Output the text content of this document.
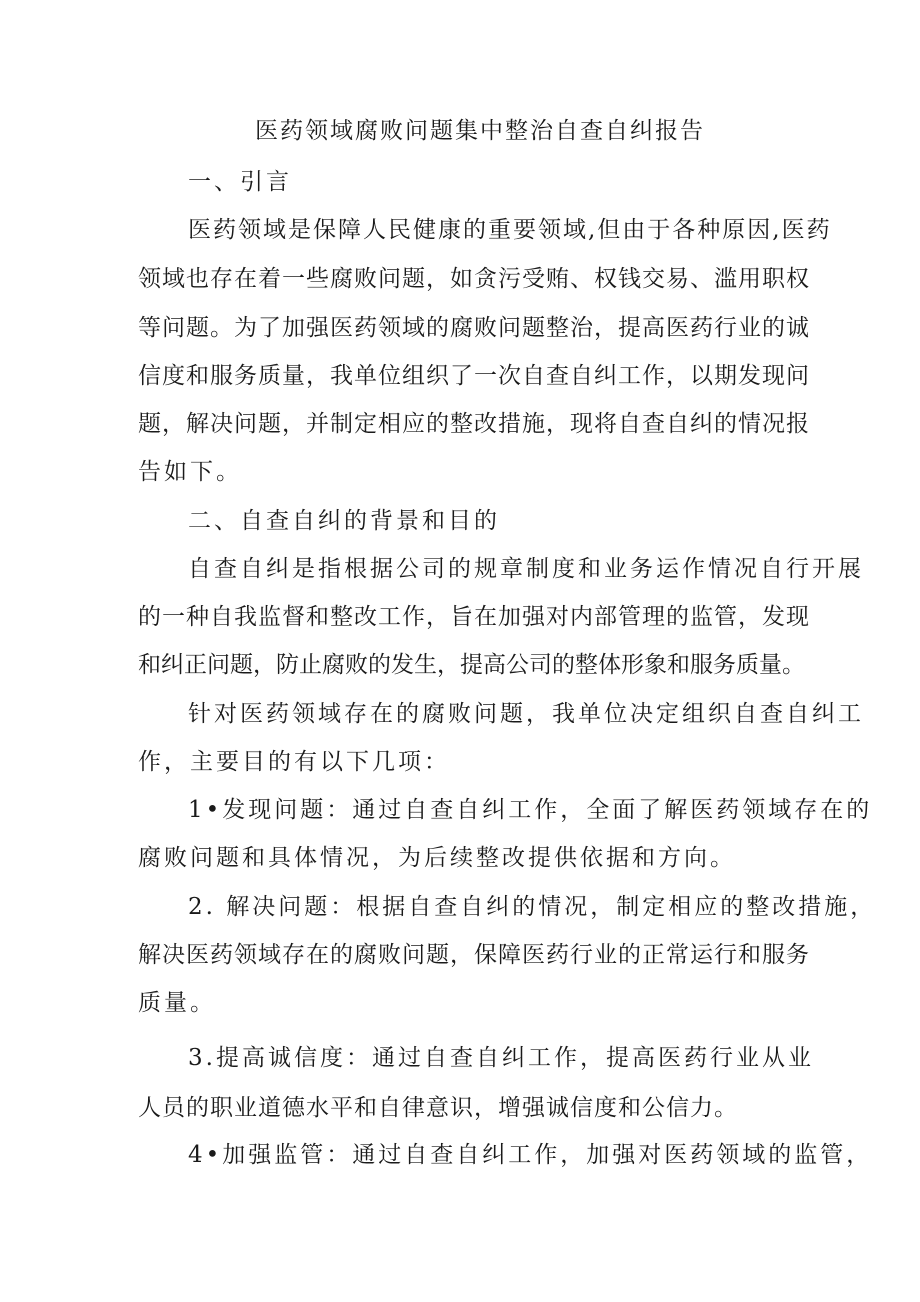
医药领域腐败问题集中整治自查自纠报告
一、引言
医药领域是保障人民健康的重要领域,但由于各种原因,医药
领域也存在着一些腐败问题，如贪污受贿、权钱交易、滥用职权
等问题。为了加强医药领域的腐败问题整治，提高医药行业的诚
信度和服务质量，我单位组织了一次自查自纠工作，以期发现问
题，解决问题，并制定相应的整改措施，现将自查自纠的情况报
告如下。
二、自查自纠的背景和目的
自查自纠是指根据公司的规章制度和业务运作情况自行开展
的一种自我监督和整改工作，旨在加强对内部管理的监管，发现
和纠正问题，防止腐败的发生，提高公司的整体形象和服务质量。
针对医药领域存在的腐败问题，我单位决定组织自查自纠工
作，主要目的有以下几项：
1•发现问题：通过自查自纠工作，全面了解医药领域存在的
腐败问题和具体情况，为后续整改提供依据和方向。
2. 解决问题：根据自查自纠的情况，制定相应的整改措施，
解决医药领域存在的腐败问题，保障医药行业的正常运行和服务
质量。
3.提高诚信度：通过自查自纠工作，提高医药行业从业
人员的职业道德水平和自律意识，增强诚信度和公信力。
4•加强监管：通过自查自纠工作，加强对医药领域的监管，
